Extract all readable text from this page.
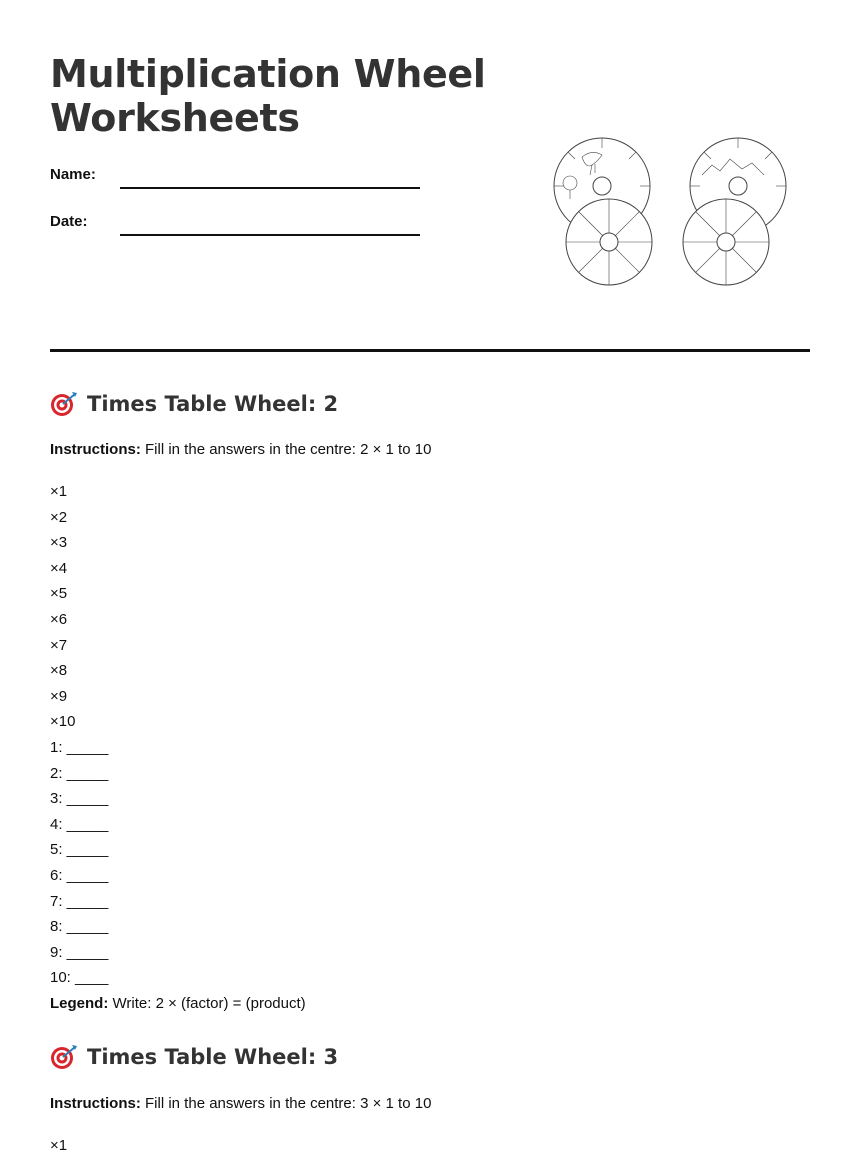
Multiplication Wheel
Worksheets
Name:
Date:
Times Table Wheel: 2
Instructions: Fill in the answers in the centre: 2 × 1 to 10
×1
×2
×3
×4
×5
×6
×7
×8
×9
×10
1: _____
2: _____
3: _____
4: _____
5: _____
6: _____
7: _____
8: _____
9: _____
10: ____
Legend: Write: 2 × (factor) = (product)
Times Table Wheel: 3
Instructions: Fill in the answers in the centre: 3 × 1 to 10
×1
